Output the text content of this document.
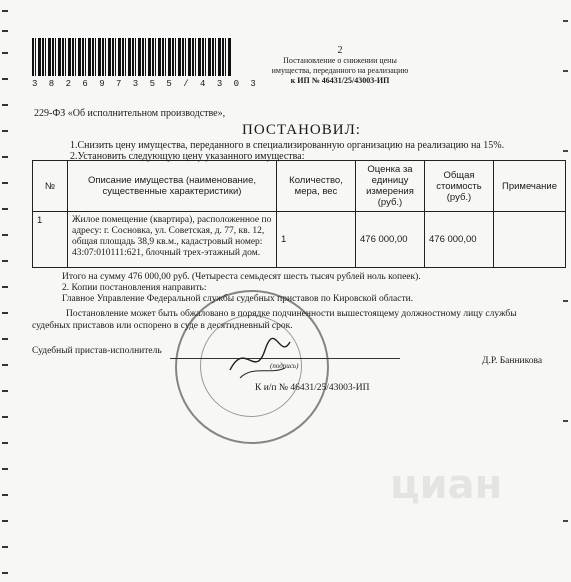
3 8 2 6 9 7 3 5 5 / 4 3 0 3
2
Постановление о снижении цены
имущества, переданного на реализацию
к ИП № 46431/25/43003-ИП
229-ФЗ «Об исполнительном производстве»,
ПОСТАНОВИЛ:
1.Снизить цену имущества, переданного в специализированную организацию на реализацию на 15%.
2.Установить следующую цену указанного имущества:
№	Описание имущества (наименование, существенные характеристики)	Количество, мера, вес	Оценка за единицу измерения (руб.)	Общая стоимость (руб.)	Примечание
1	Жилое помещение (квартира), расположенное по адресу: г. Сосновка, ул. Советская, д. 77, кв. 12, общая площадь 38,9 кв.м., кадастровый номер: 43:07:010111:621, блочный трех-этажный дом.	1	476 000,00	476 000,00	
Итого на сумму 476 000,00 руб. (Четыреста семьдесят шесть тысяч рублей ноль копеек).
2. Копии постановления направить:
Главное Управление Федеральной службы судебных приставов по Кировской области.
Постановление может быть обжаловано в порядке подчиненности вышестоящему должностному лицу службы
судебных приставов или оспорено в суде в десятидневный срок.
Судебный пристав-исполнитель
(подпись)	Д.Р. Банникова
К и/п № 46431/25/43003-ИП
циан
